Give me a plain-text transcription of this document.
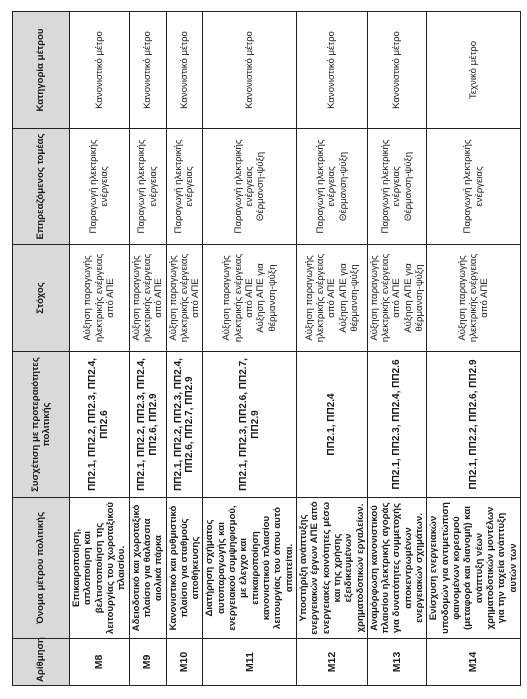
Αρίθμηση	Όνομα μέτρου πολιτικής	Συσχέτιση με προτεραιότητες πολιτικής	Στόχος	Επηρεαζόμενος τομέας	Κατηγορία μέτρου
M8	Επικαιροποίηση, απλοποίηση και βελτιστοποίηση της λειτουργίας του χωροταξικού πλαισίου.	ΠΠ2.1, ΠΠ2.2, ΠΠ2.3, ΠΠ2.4, ΠΠ2.6	Αύξηση παραγωγής ηλεκτρικής ενέργειας από ΑΠΕ	Παραγωγή ηλεκτρικής ενέργειας	Κανονιστικό μέτρο
M9	Αδειοδοτικό και χωροταξικό πλαίσιο για θαλάσσια αιολικά πάρκα	ΠΠ2.1, ΠΠ2.2, ΠΠ2.3, ΠΠ2.4, ΠΠ2.6, ΠΠ2.9	Αύξηση παραγωγής ηλεκτρικής ενέργειας από ΑΠΕ	Παραγωγή ηλεκτρικής ενέργειας	Κανονιστικό μέτρο
M10	Κανονιστικό και ρυθμιστικό πλαίσιο για σταθμούς αποθήκευσης	ΠΠ2.1, ΠΠ2.2, ΠΠ2.3, ΠΠ2.4, ΠΠ2.6, ΠΠ2.7, ΠΠ2.9	Αύξηση παραγωγής ηλεκτρικής ενέργειας από ΑΠΕ	Παραγωγή ηλεκτρικής ενέργειας	Κανονιστικό μέτρο
M11	Διατήρηση σχήματος αυτοπαραγωγής και ενεργειακού συμψηφισμού, με έλεγχο και επικαιροποίηση κανονιστικού πλαισίου λειτουργίας του όπου αυτό απαιτείται.	ΠΠ2.1, ΠΠ2.3, ΠΠ2.6, ΠΠ2.7, ΠΠ2.9	Αύξηση παραγωγής ηλεκτρικής ενέργειας από ΑΠΕ Αύξηση ΑΠΕ για θέρμανση-ψύξη	Παραγωγή ηλεκτρικής ενέργειας Θέρμανση-ψύξη	Κανονιστικό μέτρο
M12	Υποστήριξη ανάπτυξης ενεργειακών έργων ΑΠΕ από ενεργειακές κοινότητες μέσω και της χρήσης εξειδικευμένων χρηματοδοτικών εργαλείων.	ΠΠ2.1, ΠΠ2.4	Αύξηση παραγωγής ηλεκτρικής ενέργειας από ΑΠΕ Αύξηση ΑΠΕ για θέρμανση-ψύξη	Παραγωγή ηλεκτρικής ενέργειας Θέρμανση-ψύξη	Κανονιστικό μέτρο
M13	Αναμόρφωση κανονιστικού πλαισίου ηλεκτρικής αγοράς για δυνατότητες συμμετοχής αποκεντρωμένων ενεργειακών σχημάτων.	ΠΠ2.1, ΠΠ2.3, ΠΠ2.4, ΠΠ2.6	Αύξηση παραγωγής ηλεκτρικής ενέργειας από ΑΠΕ Αύξηση ΑΠΕ για θέρμανση-ψύξη	Παραγωγή ηλεκτρικής ενέργειας Θέρμανση-ψύξη	Κανονιστικό μέτρο
M14	Ενίσχυση ενεργειακών υποδομών για αντιμετώπιση φαινομένων κορεσμού (μεταφορά και διανομή) και ανάπτυξη νέων χρηματοδοτικών μοντέλων για την ταχεία ανάπτυξη αυτών των	ΠΠ2.1, ΠΠ2.2, ΠΠ2.6, ΠΠ2.9	Αύξηση παραγωγής ηλεκτρικής ενέργειας από ΑΠΕ	Παραγωγή ηλεκτρικής ενέργειας	Τεχνικό μέτρο
